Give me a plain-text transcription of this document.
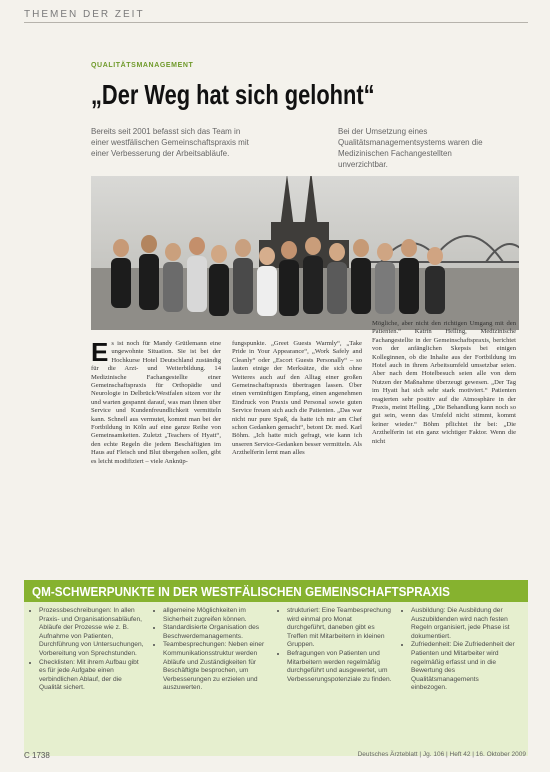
THEMEN DER ZEIT
QUALITÄTSMANAGEMENT
„Der Weg hat sich gelohnt“
Bereits seit 2001 befasst sich das Team in einer westfälischen Gemeinschaftspraxis mit einer Verbesserung der Arbeitsabläufe.
Bei der Umsetzung eines Qualitätsmanagementsystems waren die Medizinischen Fachangestellten unverzichtbar.
Es ist noch für Mandy Grütlemann eine ungewohnte Situation. Sie ist bei der Hochkurse Hotel Deutschland zuständig für die Arzt- und Weiterbildung. 14 Medizinische Fachangestellte einer Gemeinschaftspraxis für Orthopädie und Neurologie in Delbrück/Westfalen sitzen vor ihr und warten gespannt darauf, was man ihnen über Service und Kundenfreundlichkeit vermitteln kann. Schnell aus vermutet, kommt man bei der Fortbildung in Köln auf eine ganze Reihe von Gemeinsamkeiten. Zuletzt „Teachers of Hyatt“, den echte Regeln die jedem Beschäftigten im Haus auf Fleisch und Blut übergehen sollen, gibt es leicht modifiziert – viele Anknüp-
fungspunkte. „Greet Guests Warmly“, „Take Pride in Your Appearance“, „Work Safely and Cleanly“ oder „Escort Guests Personally“ – so lauten einige der Merksätze, die sich ohne Weiteres auch auf den Alltag einer großen Gemeinschaftspraxis übertragen lassen. Über einen vernünftigen Empfang, einen angenehmen Eindruck von Praxis und Personal sowie guten Service freuen sich auch die Patienten. „Das war nicht nur pure Spaß, da hatte ich mir am Chef schon Gedanken gemacht“, betont Dr. med. Karl Böhm. „Ich hatte mich gefragt, wie kann ich unseren Service-Gedanken besser vermitteln. Als Arzthelferin lernt man alles
Mögliche, aber nicht den richtigen Umgang mit den Patienten.“ Katrin Helling, Medizinische Fachangestellte in der Gemeinschaftspraxis, berichtet von der anfänglichen Skepsis bei einigen Kolleginnen, ob die Inhalte aus der Fortbildung im Hotel auch in ihrem Arbeitsumfeld umsetzbar seien. Aber nach dem Hotelbesuch seien alle von dem Nutzen der Maßnahme überzeugt gewesen. „Der Tag im Hyatt hat sich sehr stark motiviert.“ Patienten reagierten sehr positiv auf die Atmosphäre in der Praxis, meint Helling. „Die Behandlung kann noch so gut sein, wenn das Umfeld nicht stimmt, kommt keiner wieder.“ Böhm pflichtet ihr bei: „Die Arzthelferin ist ein ganz wichtiger Faktor. Wenn die nicht
QM-SCHWERPUNKTE IN DER WESTFÄLISCHEN GEMEINSCHAFTSPRAXIS
• Prozessbeschreibungen: In allen Praxis- und Organisationsabläufen, Abläufe der Prozesse wie z. B. Aufnahme von Patienten, Durchführung von Untersuchungen, Vorbereitung von Sprechstunden.
• Checklisten: Mit ihrem Aufbau gibt es für jede Aufgabe einen verbindlichen Ablauf, der die Qualität sichert.
• allgemeine Möglichkeiten im Sicherheit zugreifen können.
• Standardisierte Organisation des Beschwerdemanagements.
• Teambesprechungen: Neben einer Kommunikationsstruktur werden Abläufe und Zuständigkeiten für Beschäftigte besprochen, um Verbesserungen zu erzielen und auszuwerten.
• strukturiert: Eine Teambesprechung wird einmal pro Monat durchgeführt, daneben gibt es Treffen mit Mitarbeitern in kleinen Gruppen.
• Befragungen von Patienten und Mitarbeitern werden regelmäßig durchgeführt und ausgewertet, um Verbesserungspotenziale zu finden.
• Ausbildung: Die Ausbildung der Auszubildenden wird nach festen Regeln organisiert, jede Phase ist dokumentiert.
• Zufriedenheit: Die Zufriedenheit der Patienten und Mitarbeiter wird regelmäßig erfasst und in die Bewertung des Qualitätsmanagements einbezogen.
C 1738	Deutsches Ärzteblatt | Jg. 106 | Heft 42 | 16. Oktober 2009
